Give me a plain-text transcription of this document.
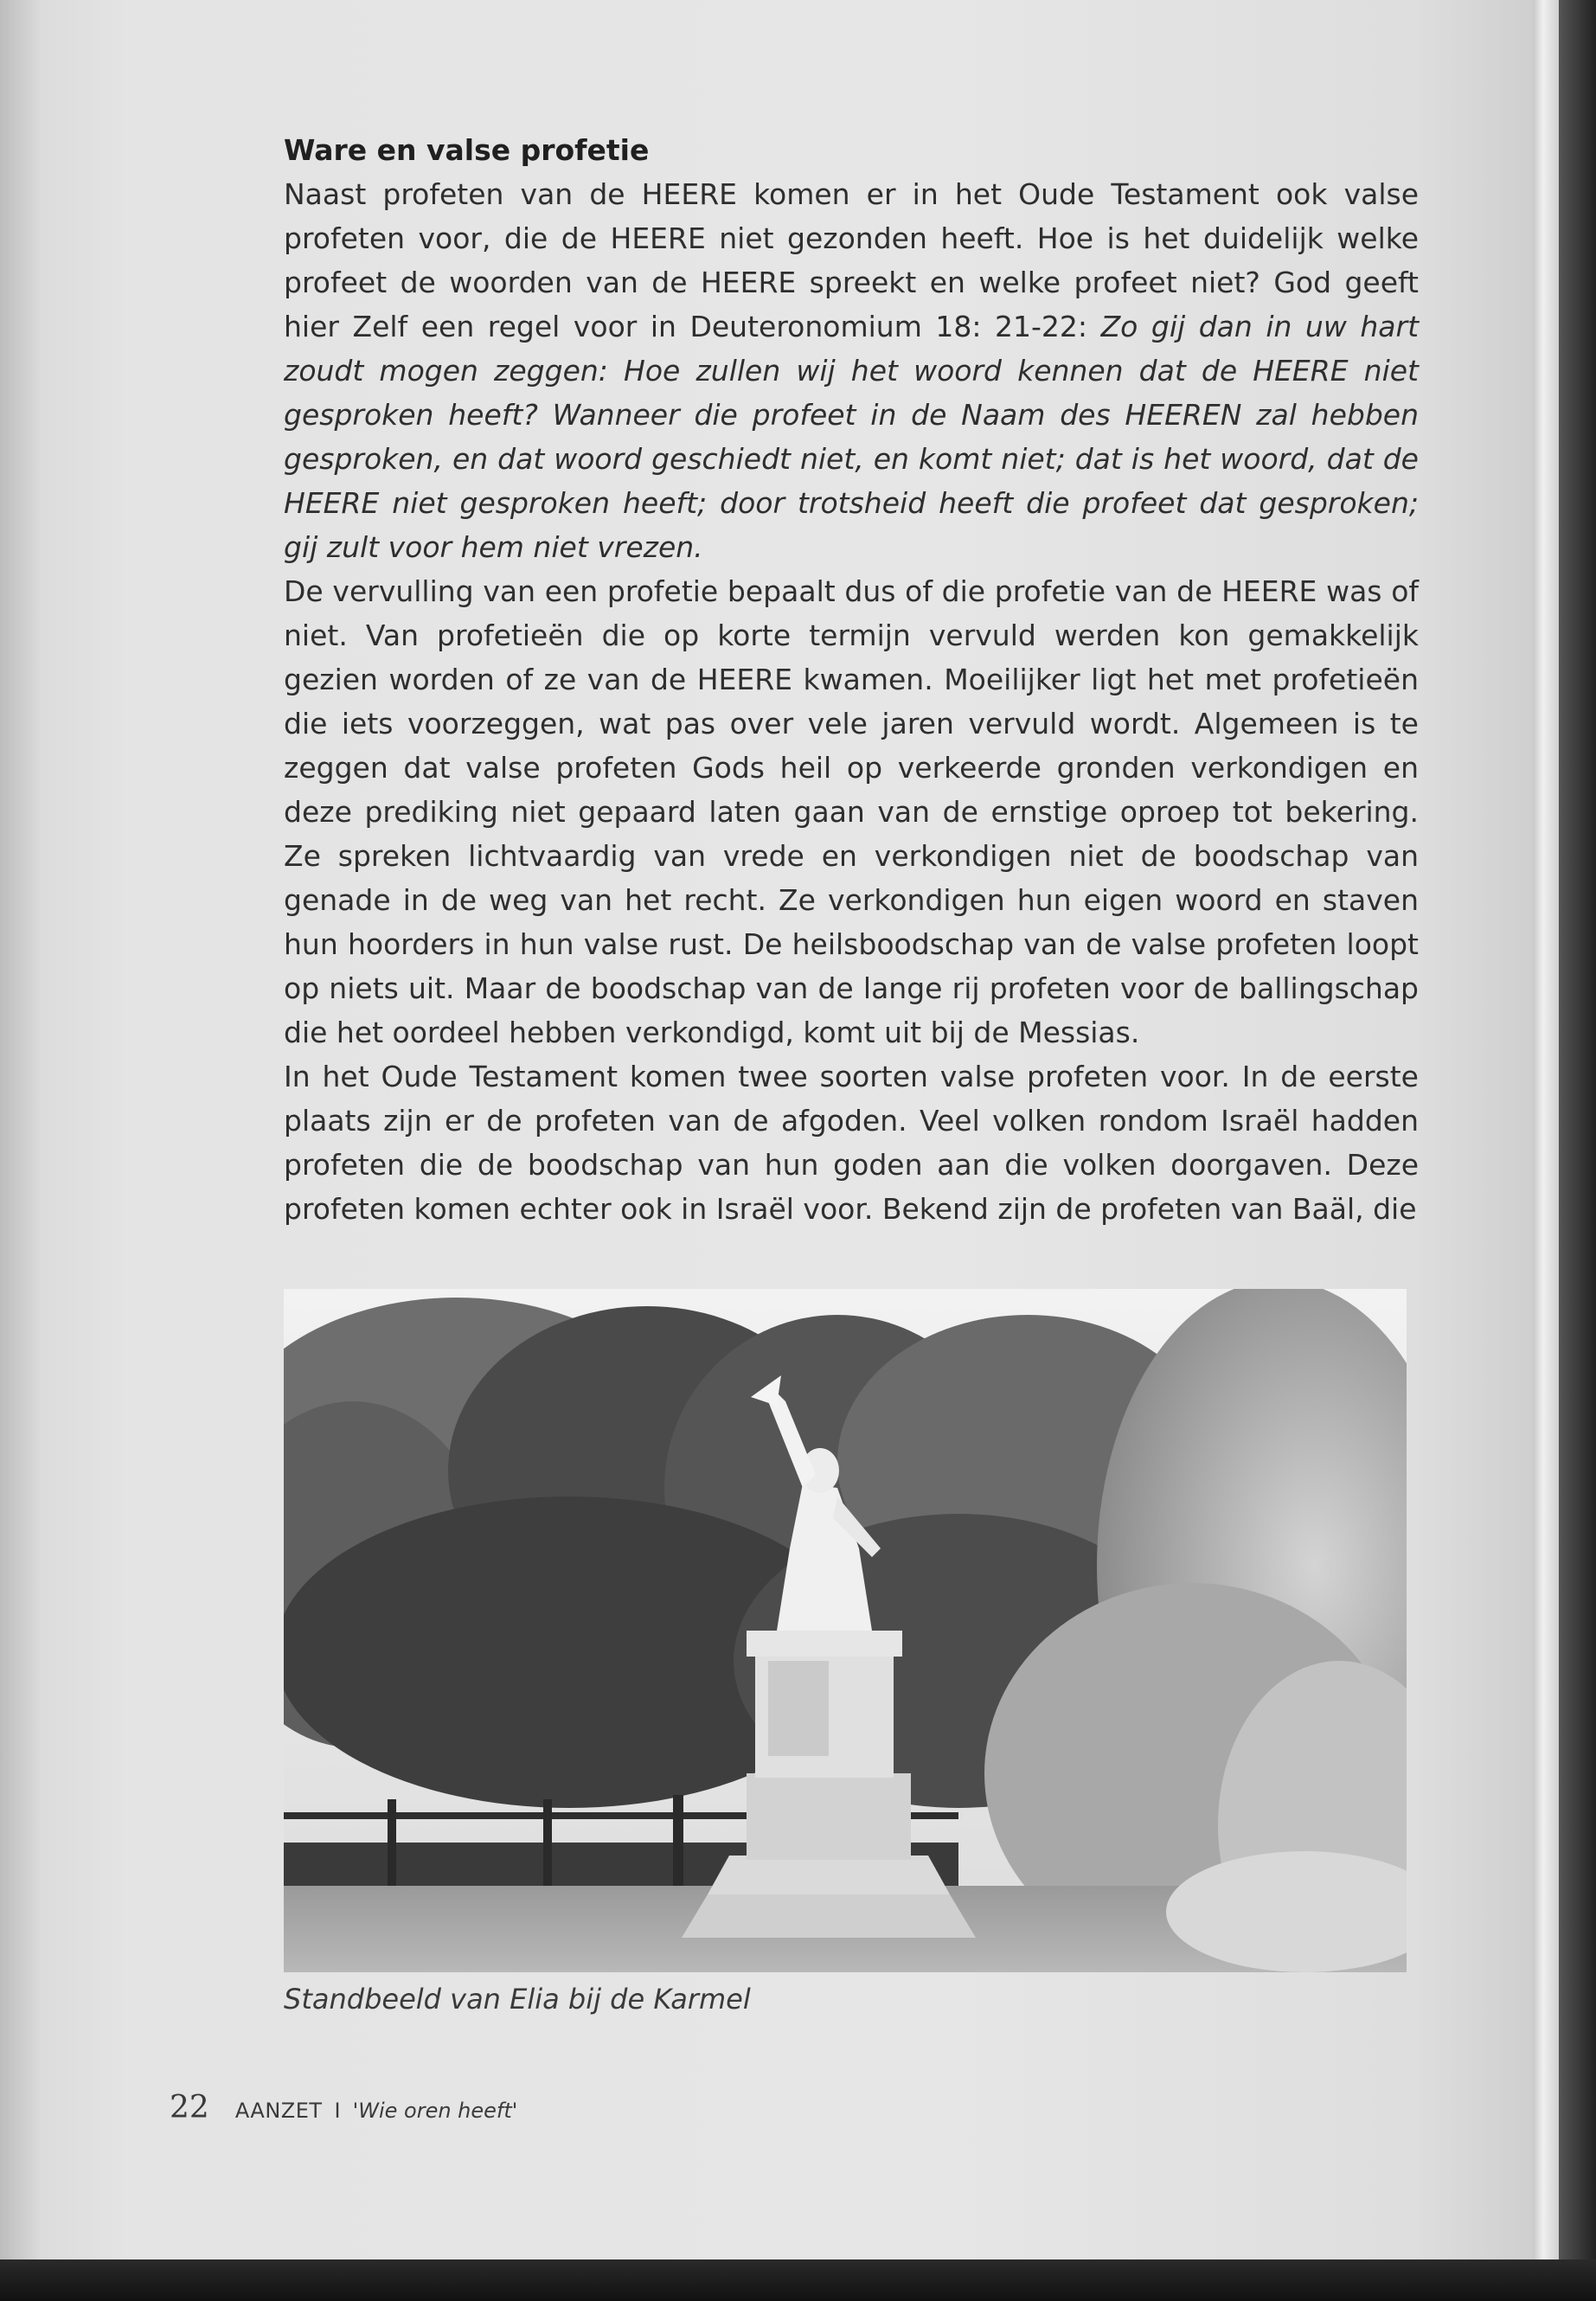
Ware en valse profetie

Naast profeten van de HEERE komen er in het Oude Testament ook valse profeten voor, die de HEERE niet gezonden heeft. Hoe is het duidelijk welke profeet de woorden van de HEERE spreekt en welke profeet niet? God geeft hier Zelf een regel voor in Deuteronomium 18: 21-22: Zo gij dan in uw hart zoudt mogen zeggen: Hoe zullen wij het woord kennen dat de HEERE niet gesproken heeft? Wanneer die profeet in de Naam des HEEREN zal hebben gesproken, en dat woord geschiedt niet, en komt niet; dat is het woord, dat de HEERE niet gesproken heeft; door trotsheid heeft die profeet dat gesproken; gij zult voor hem niet vrezen.

De vervulling van een profetie bepaalt dus of die profetie van de HEERE was of niet. Van profetieën die op korte termijn vervuld werden kon gemakkelijk gezien worden of ze van de HEERE kwamen. Moeilijker ligt het met profetieën die iets voorzeggen, wat pas over vele jaren vervuld wordt. Algemeen is te zeggen dat valse profeten Gods heil op verkeerde gronden verkondigen en deze prediking niet gepaard laten gaan van de ernstige oproep tot bekering. Ze spreken lichtvaardig van vrede en verkondigen niet de boodschap van genade in de weg van het recht. Ze verkondigen hun eigen woord en staven hun hoorders in hun valse rust. De heilsboodschap van de valse profeten loopt op niets uit. Maar de boodschap van de lange rij profeten voor de ballingschap die het oordeel hebben verkondigd, komt uit bij de Messias.

In het Oude Testament komen twee soorten valse profeten voor. In de eerste plaats zijn er de profeten van de afgoden. Veel volken rondom Israël hadden profeten die de boodschap van hun goden aan die volken doorgaven. Deze profeten komen echter ook in Israël voor. Bekend zijn de profeten van Baäl, die

Standbeeld van Elia bij de Karmel

22 AANZET I 'Wie oren heeft'
